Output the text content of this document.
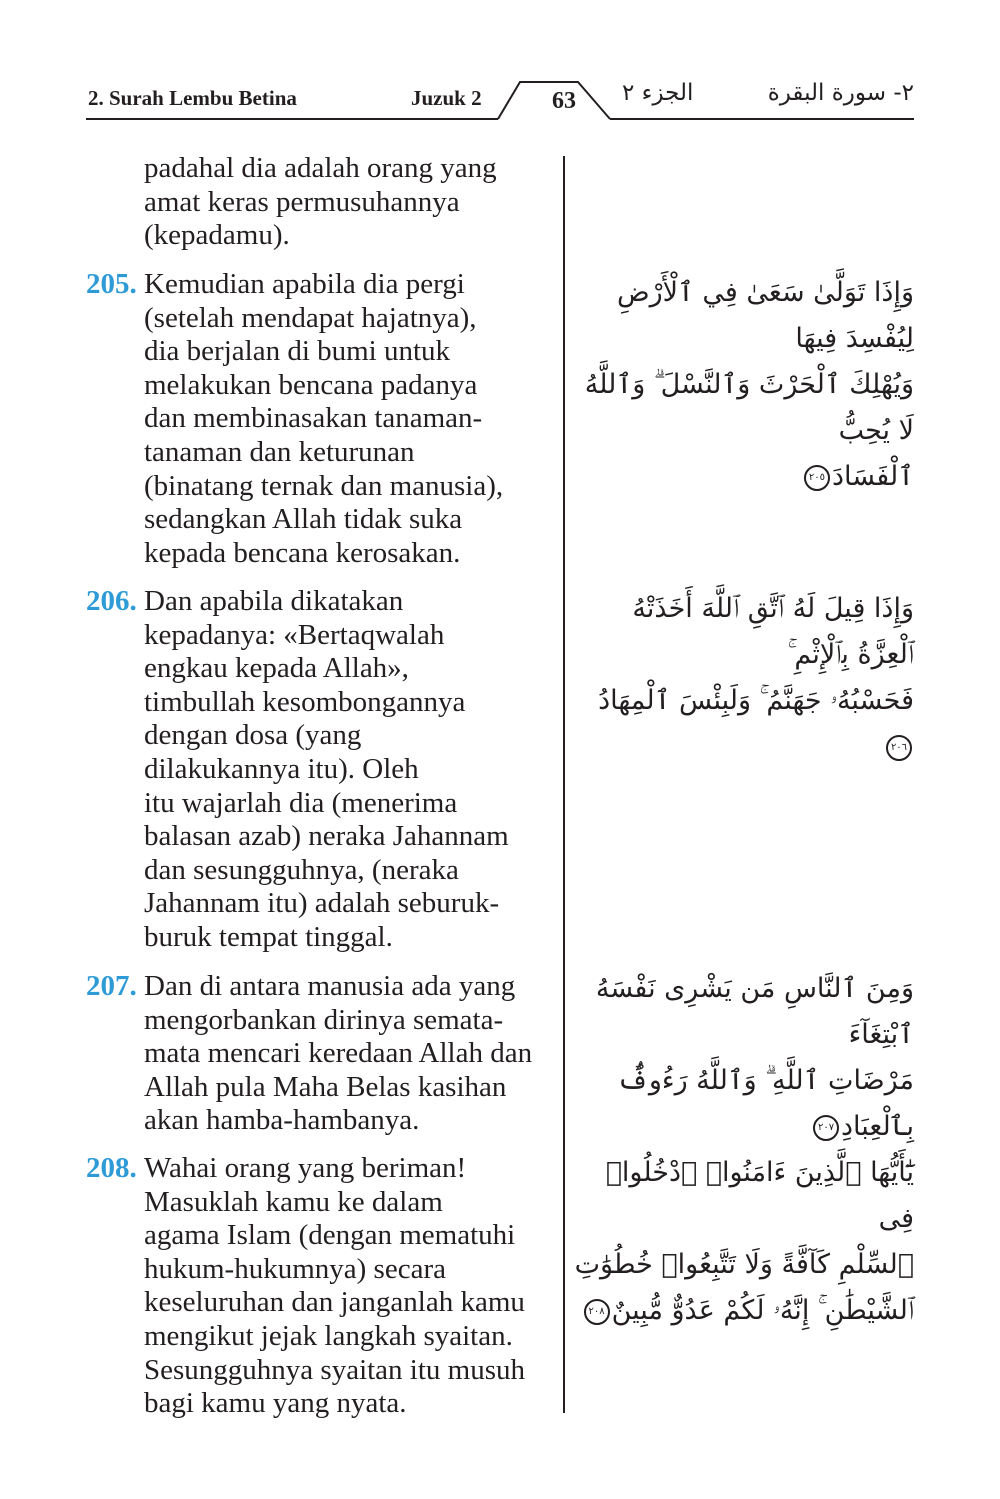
2. Surah Lembu Betina	Juzuk 2	63	الجزء ٢	٢- سورة البقرة
padahal dia adalah orang yang
amat keras permusuhannya
(kepadamu).
205. Kemudian apabila dia pergi
(setelah mendapat hajatnya),
dia berjalan di bumi untuk
melakukan bencana padanya
dan membinasakan tanaman-
tanaman dan keturunan
(binatang ternak dan manusia),
sedangkan Allah tidak suka
kepada bencana kerosakan.
206. Dan apabila dikatakan
kepadanya: «Bertaqwalah
engkau kepada Allah»,
timbullah kesombongannya
dengan dosa (yang
dilakukannya itu). Oleh
itu wajarlah dia (menerima
balasan azab) neraka Jahannam
dan sesungguhnya, (neraka
Jahannam itu) adalah seburuk-
buruk tempat tinggal.
207. Dan di antara manusia ada yang
mengorbankan dirinya semata-
mata mencari keredaan Allah dan
Allah pula Maha Belas kasihan
akan hamba-hambanya.
208. Wahai orang yang beriman!
Masuklah kamu ke dalam
agama Islam (dengan mematuhi
hukum-hukumnya) secara
keseluruhan dan janganlah kamu
mengikut jejak langkah syaitan.
Sesungguhnya syaitan itu musuh
bagi kamu yang nyata.
وَإِذَا تَوَلَّىٰ سَعَىٰ فِي ٱلْأَرْضِ لِيُفْسِدَ فِيهَا
وَيُهْلِكَ ٱلْحَرْثَ وَٱلنَّسْلَ ۗ وَٱللَّهُ لَا يُحِبُّ
ٱلْفَسَادَ٢٠٥
وَإِذَا قِيلَ لَهُ ٱتَّقِ ٱللَّهَ أَخَذَتْهُ ٱلْعِزَّةُ بِٱلْإِثْمِ ۚ
فَحَسْبُهُۥ جَهَنَّمُ ۚ وَلَبِئْسَ ٱلْمِهَادُ٢٠٦
وَمِنَ ٱلنَّاسِ مَن يَشْرِى نَفْسَهُ ٱبْتِغَآءَ
مَرْضَاتِ ٱللَّهِ ۗ وَٱللَّهُ رَءُوفٌۢ بِٱلْعِبَادِ٢٠٧
يَٰٓأَيُّهَا ٱلَّذِينَ ءَامَنُوا۟ ٱدْخُلُوا۟ فِى
ٱلسِّلْمِ كَآفَّةً وَلَا تَتَّبِعُوا۟ خُطُوَٰتِ
ٱلشَّيْطَٰنِ ۚ إِنَّهُۥ لَكُمْ عَدُوٌّ مُّبِينٌ٢٠٨
